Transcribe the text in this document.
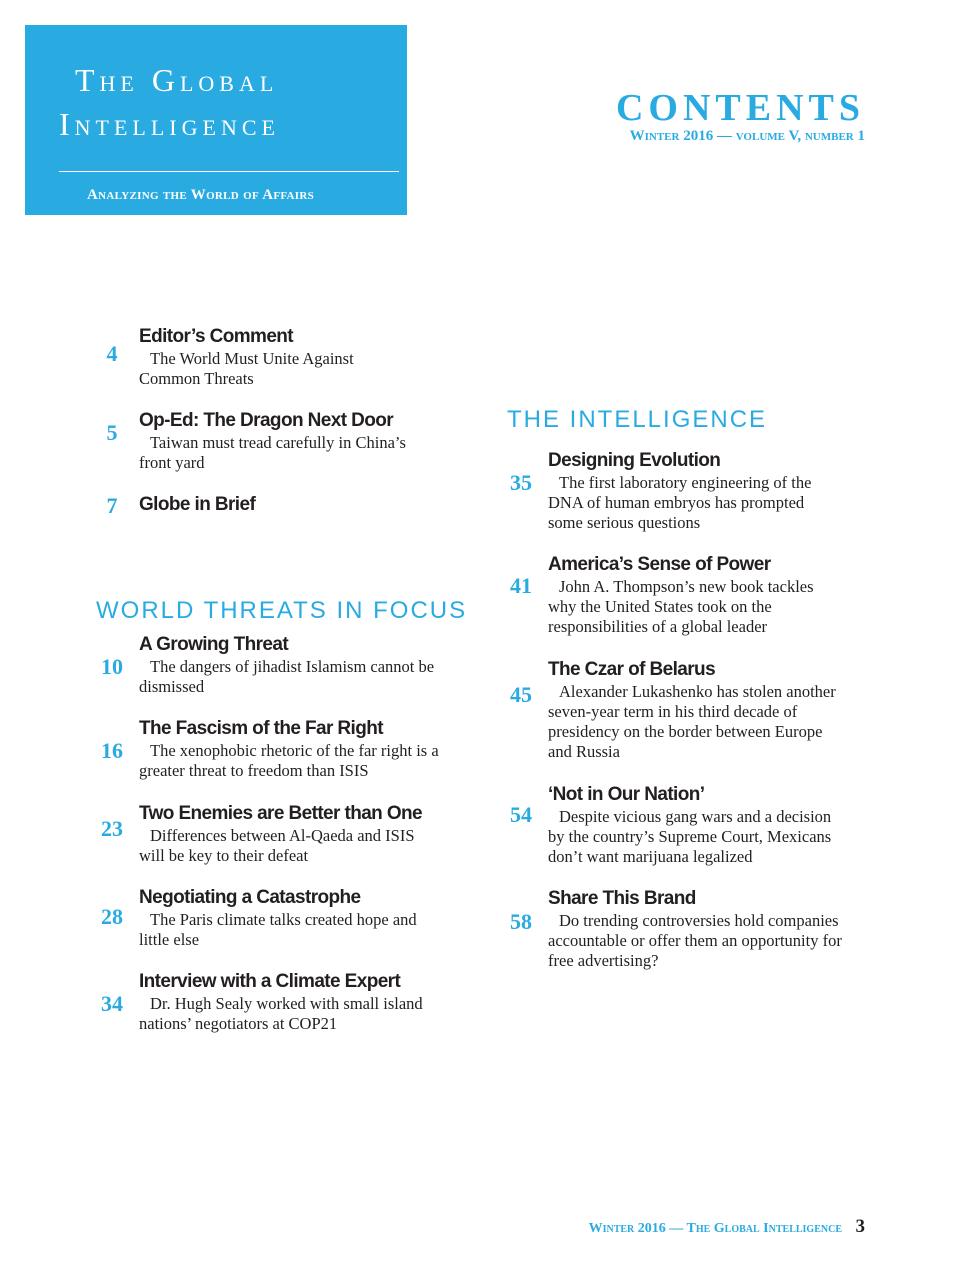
The Global
Intelligence
Analyzing the World of Affairs
CONTENTS
Winter 2016 — volume V, number 1
4
Editor’s Comment
The World Must Unite Against Common Threats
5	Op-Ed: The Dragon Next Door
Taiwan must tread carefully in China’s front yard
7	Globe in Brief
WORLD THREATS IN FOCUS
10
A Growing Threat
The dangers of jihadist Islamism cannot be dismissed
16
The Fascism of the Far Right
The xenophobic rhetoric of the far right is a greater threat to freedom than ISIS
23
Two Enemies are Better than One
Differences between Al-Qaeda and ISIS will be key to their defeat
28
Negotiating a Catastrophe
The Paris climate talks created hope and little else
34
Interview with a Climate Expert
Dr. Hugh Sealy worked with small island nations’ negotiators at COP21
THE INTELLIGENCE
35
Designing Evolution
The first laboratory engineering of the DNA of human embryos has prompted some serious questions
41
America’s Sense of Power
John A. Thompson’s new book tackles why the United States took on the responsibilities of a global leader
45
The Czar of Belarus
Alexander Lukashenko has stolen another seven-year term in his third decade of presidency on the border between Europe and Russia
54
‘Not in Our Nation’
Despite vicious gang wars and a decision by the country’s Supreme Court, Mexicans don’t want marijuana legalized
58
Share This Brand
Do trending controversies hold companies accountable or offer them an opportunity for free advertising?
Winter 2016 — The Global Intelligence 3
